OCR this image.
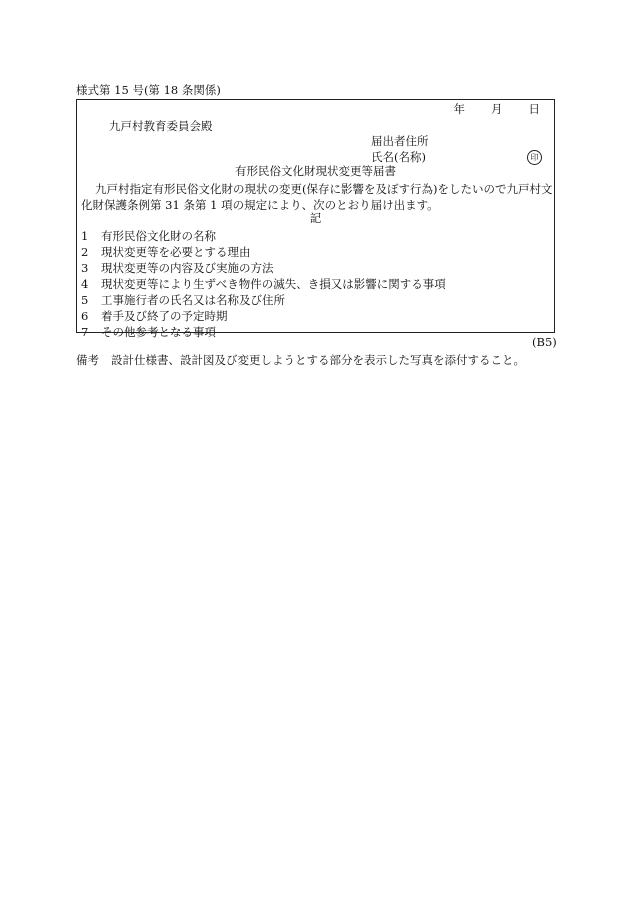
様式第 15 号(第 18 条関係)
年 月 日
九戸村教育委員会殿
届出者住所
氏名(名称)	印
有形民俗文化財現状変更等届書
九戸村指定有形民俗文化財の現状の変更(保存に影響を及ぼす行為)をしたいので九戸村文化財保護条例第 31 条第 1 項の規定により、次のとおり届け出ます。
記
1 有形民俗文化財の名称
2 現状変更等を必要とする理由
3 現状変更等の内容及び実施の方法
4 現状変更等により生ずべき物件の滅失、き損又は影響に関する事項
5 工事施行者の氏名又は名称及び住所
6 着手及び終了の予定時期
7 その他参考となる事項
(B5)
備考 設計仕様書、設計図及び変更しようとする部分を表示した写真を添付すること。
